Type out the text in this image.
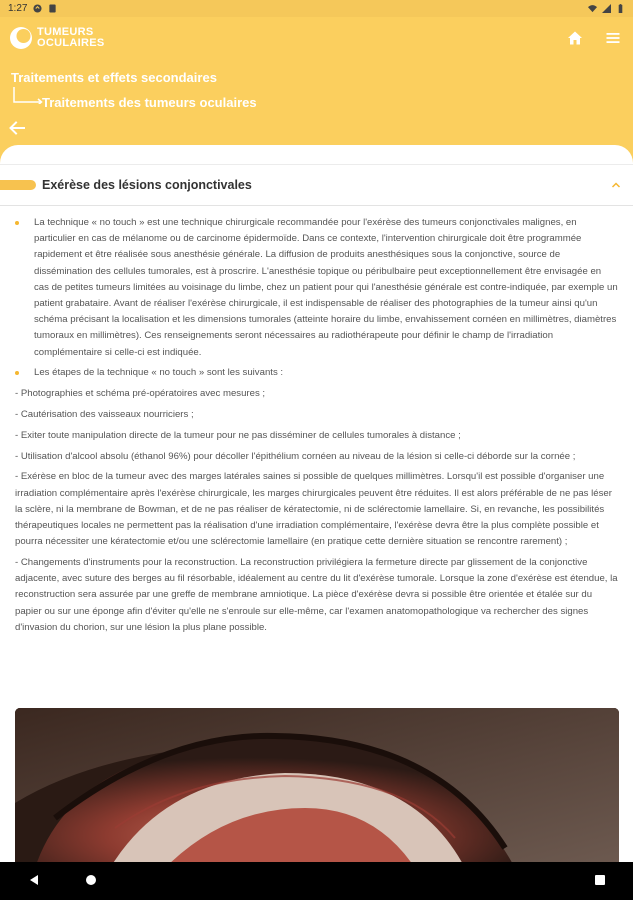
1:27
TUMEURS
OCULAIRES
Traitements et effets secondaires
Traitements des tumeurs oculaires
Exérèse des lésions conjonctivales

La technique « no touch » est une technique chirurgicale recommandée pour l'exérèse des tumeurs conjonctivales malignes, en particulier en cas de mélanome ou de carcinome épidermoïde. Dans ce contexte, l'intervention chirurgicale doit être programmée rapidement et être réalisée sous anesthésie générale. La diffusion de produits anesthésiques sous la conjonctive, source de dissémination des cellules tumorales, est à proscrire. L'anesthésie topique ou péribulbaire peut exceptionnellement être envisagée en cas de petites tumeurs limitées au voisinage du limbe, chez un patient pour qui l'anesthésie générale est contre-indiquée, par exemple un patient grabataire. Avant de réaliser l'exérèse chirurgicale, il est indispensable de réaliser des photographies de la tumeur ainsi qu'un schéma précisant la localisation et les dimensions tumorales (atteinte horaire du limbe, envahissement cornéen en millimètres, diamètres tumoraux en millimètres). Ces renseignements seront nécessaires au radiothérapeute pour définir le champ de l'irradiation complémentaire si celle-ci est indiquée.

Les étapes de la technique « no touch » sont les suivants :

- Photographies et schéma pré-opératoires avec mesures ;

- Cautérisation des vaisseaux nourriciers ;

- Exiter toute manipulation directe de la tumeur pour ne pas disséminer de cellules tumorales à distance ;

- Utilisation d'alcool absolu (éthanol 96%) pour décoller l'épithélium cornéen au niveau de la lésion si celle-ci déborde sur la cornée ;

- Exérèse en bloc de la tumeur avec des marges latérales saines si possible de quelques millimètres. Lorsqu'il est possible d'organiser une irradiation complémentaire après l'exérèse chirurgicale, les marges chirurgicales peuvent être réduites. Il est alors préférable de ne pas léser la sclère, ni la membrane de Bowman, et de ne pas réaliser de kératectomie, ni de sclérectomie lamellaire. Si, en revanche, les possibilités thérapeutiques locales ne permettent pas la réalisation d'une irradiation complémentaire, l'exérèse devra être la plus complète possible et pourra nécessiter une kératectomie et/ou une sclérectomie lamellaire (en pratique cette dernière situation se rencontre rarement) ;

- Changements d'instruments pour la reconstruction. La reconstruction privilégiera la fermeture directe par glissement de la conjonctive adjacente, avec suture des berges au fil résorbable, idéalement au centre du lit d'exérèse tumorale. Lorsque la zone d'exérèse est étendue, la reconstruction sera assurée par une greffe de membrane amniotique. La pièce d'exérèse devra si possible être orientée et étalée sur du papier ou sur une éponge afin d'éviter qu'elle ne s'enroule sur elle-même, car l'examen anatomopathologique va rechercher des signes d'invasion du chorion, sur une lésion la plus plane possible.
